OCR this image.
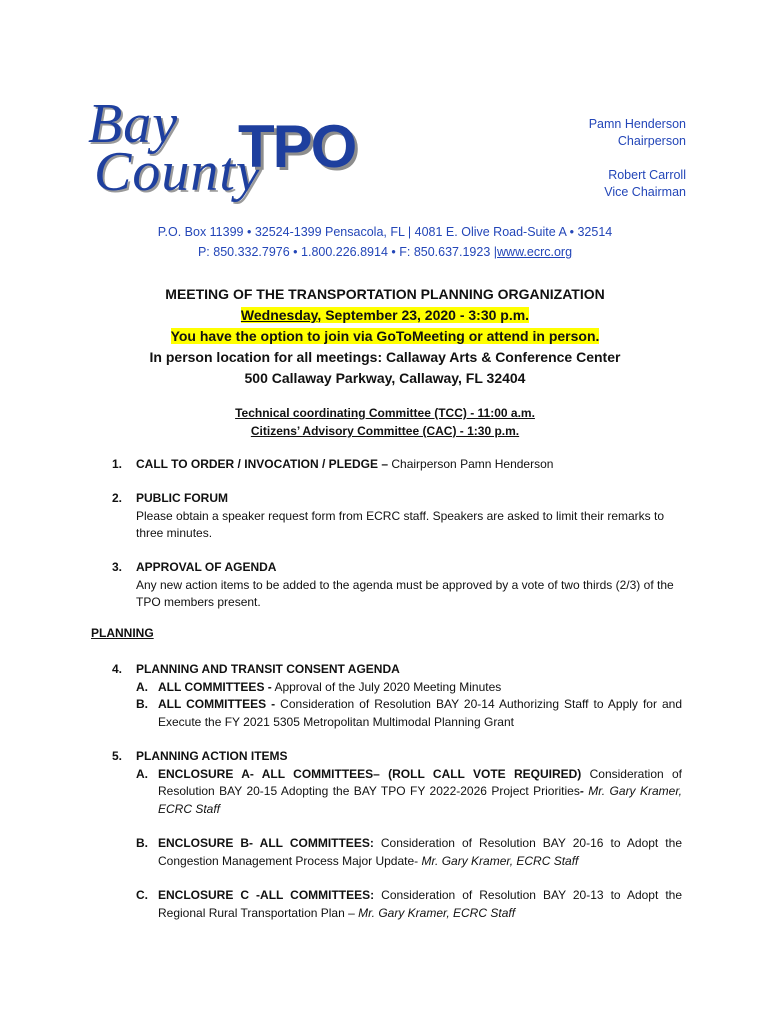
Bay
County
TPO	Pamn Henderson
Chairperson
Robert Carroll
Vice Chairman
P.O. Box 11399 • 32524-1399 Pensacola, FL | 4081 E. Olive Road-Suite A • 32514
P: 850.332.7976 • 1.800.226.8914 • F: 850.637.1923 |www.ecrc.org
MEETING OF THE TRANSPORTATION PLANNING ORGANIZATION
Wednesday, September 23, 2020 - 3:30 p.m.
You have the option to join via GoToMeeting or attend in person.
In person location for all meetings: Callaway Arts & Conference Center
500 Callaway Parkway, Callaway, FL 32404
Technical coordinating Committee (TCC) - 11:00 a.m.
Citizens’ Advisory Committee (CAC) - 1:30 p.m.
1. CALL TO ORDER / INVOCATION / PLEDGE – Chairperson Pamn Henderson
2. PUBLIC FORUM
Please obtain a speaker request form from ECRC staff. Speakers are asked to limit their remarks to three minutes.
3. APPROVAL OF AGENDA
Any new action items to be added to the agenda must be approved by a vote of two thirds (2/3) of the TPO members present.
PLANNING
4. PLANNING AND TRANSIT CONSENT AGENDA
A. ALL COMMITTEES - Approval of the July 2020 Meeting Minutes
B. ALL COMMITTEES - Consideration of Resolution BAY 20-14 Authorizing Staff to Apply for and Execute the FY 2021 5305 Metropolitan Multimodal Planning Grant
5. PLANNING ACTION ITEMS
A. ENCLOSURE A- ALL COMMITTEES– (ROLL CALL VOTE REQUIRED) Consideration of Resolution BAY 20-15 Adopting the BAY TPO FY 2022-2026 Project Priorities- Mr. Gary Kramer, ECRC Staff
B. ENCLOSURE B- ALL COMMITTEES: Consideration of Resolution BAY 20-16 to Adopt the Congestion Management Process Major Update- Mr. Gary Kramer, ECRC Staff
C. ENCLOSURE C -ALL COMMITTEES: Consideration of Resolution BAY 20-13 to Adopt the Regional Rural Transportation Plan – Mr. Gary Kramer, ECRC Staff
